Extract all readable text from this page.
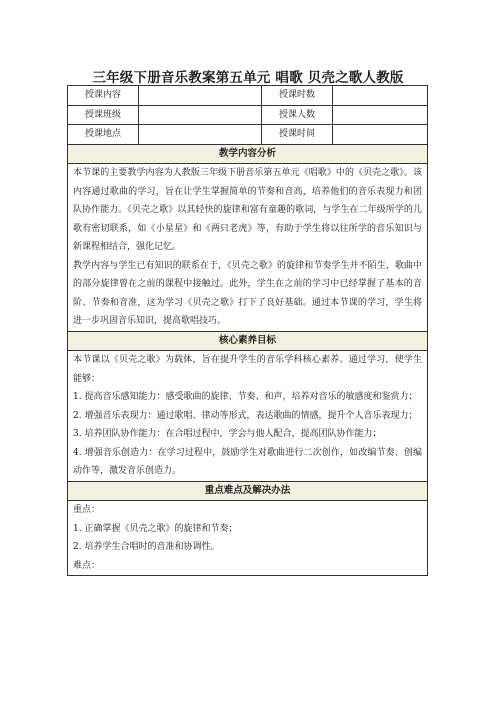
三年级下册音乐教案第五单元 唱歌 贝壳之歌人教版
授课内容		授课时数	
授课班级		授课人数	
授课地点		授课时间	
教学内容分析			

本节课的主要教学内容为人教版三年级下册音乐第五单元《唱歌》中的《贝壳之歌》。该内容通过歌曲的学习，旨在让学生掌握简单的节奏和音高，培养他们的音乐表现力和团队协作能力。《贝壳之歌》以其轻快的旋律和富有童趣的歌词，与学生在二年级所学的儿歌有密切联系，如《小星星》和《两只老虎》等，有助于学生将以往所学的音乐知识与新课程相结合，强化记忆。

教学内容与学生已有知识的联系在于，《贝壳之歌》的旋律和节奏学生并不陌生，歌曲中的部分旋律曾在之前的课程中接触过。此外，学生在之前的学习中已经掌握了基本的音阶、节奏和音准，这为学习《贝壳之歌》打下了良好基础。通过本节课的学习，学生将进一步巩固音乐知识，提高歌唱技巧。			

核心素养目标			

本节课以《贝壳之歌》为载体，旨在提升学生的音乐学科核心素养。通过学习，使学生能够：

1. 提高音乐感知能力：感受歌曲的旋律、节奏、和声，培养对音乐的敏感度和鉴赏力；

2. 增强音乐表现力：通过歌唱、律动等形式，表达歌曲的情感，提升个人音乐表现力；

3. 培养团队协作能力：在合唱过程中，学会与他人配合，提高团队协作能力；

4. 增强音乐创造力：在学习过程中，鼓励学生对歌曲进行二次创作，如改编节奏、创编动作等，激发音乐创造力。			

重点难点及解决办法			

重点：

1. 正确掌握《贝壳之歌》的旋律和节奏；

2. 培养学生合唱时的音准和协调性。

难点：			
